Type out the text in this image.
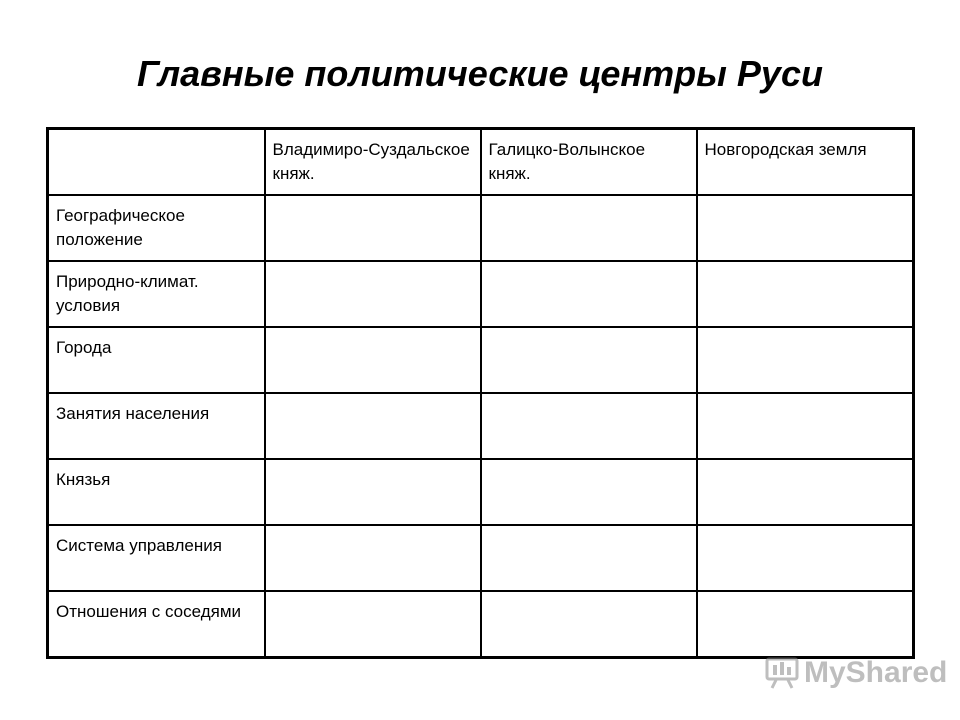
Главные политические центры Руси

	Владимиро-Суздальское княж.	Галицко-Волынское княж.	Новгородская земля

Географическое положение			

Природно-климат. условия			

Города			

Занятия населения			

Князья			

Система управления			

Отношения с соседями			

MyShared
